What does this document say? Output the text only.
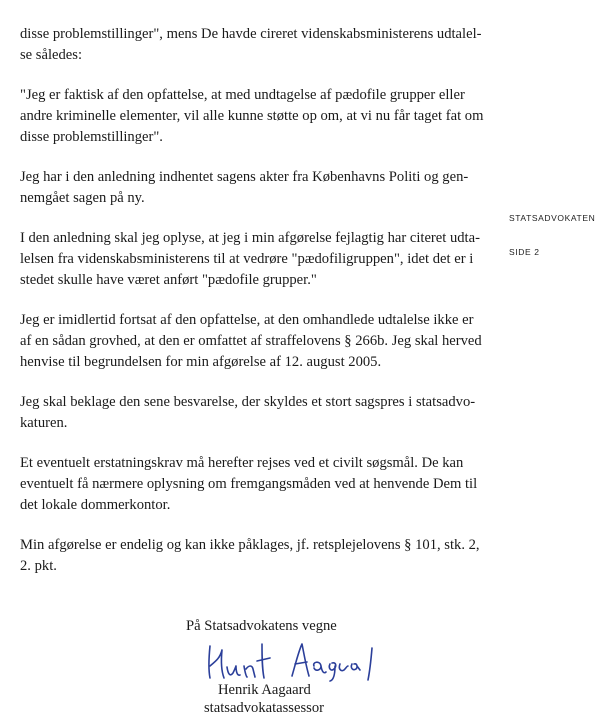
disse problemstillinger", mens De havde cireret videnskabsministerens udtalel-
se således:

"Jeg er faktisk af den opfattelse, at med undtagelse af pædofile grupper eller
andre kriminelle elementer, vil alle kunne støtte op om, at vi nu får taget fat om
disse problemstillinger".

Jeg har i den anledning indhentet sagens akter fra Københavns Politi og gen-
nemgået sagen på ny.

I den anledning skal jeg oplyse, at jeg i min afgørelse fejlagtig har citeret udta-
lelsen fra videnskabsministerens til at vedrøre "pædofiligruppen", idet det er i
stedet skulle have været anført "pædofile grupper."

Jeg er imidlertid fortsat af den opfattelse, at den omhandlede udtalelse ikke er
af en sådan grovhed, at den er omfattet af straffelovens § 266b. Jeg skal herved
henvise til begrundelsen for min afgørelse af 12. august 2005.

Jeg skal beklage den sene besvarelse, der skyldes et stort sagspres i statsadvo-
katuren.

Et eventuelt erstatningskrav må herefter rejses ved et civilt søgsmål. De kan
eventuelt få nærmere oplysning om fremgangsmåden ved at henvende Dem til
det lokale dommerkontor.

Min afgørelse er endelig og kan ikke påklages, jf. retsplejelovens § 101, stk. 2,
2. pkt.

STATSADVOKATEN
SIDE 2
På Statsadvokatens vegne
Henrik Aagaard
statsadvokatassessor
